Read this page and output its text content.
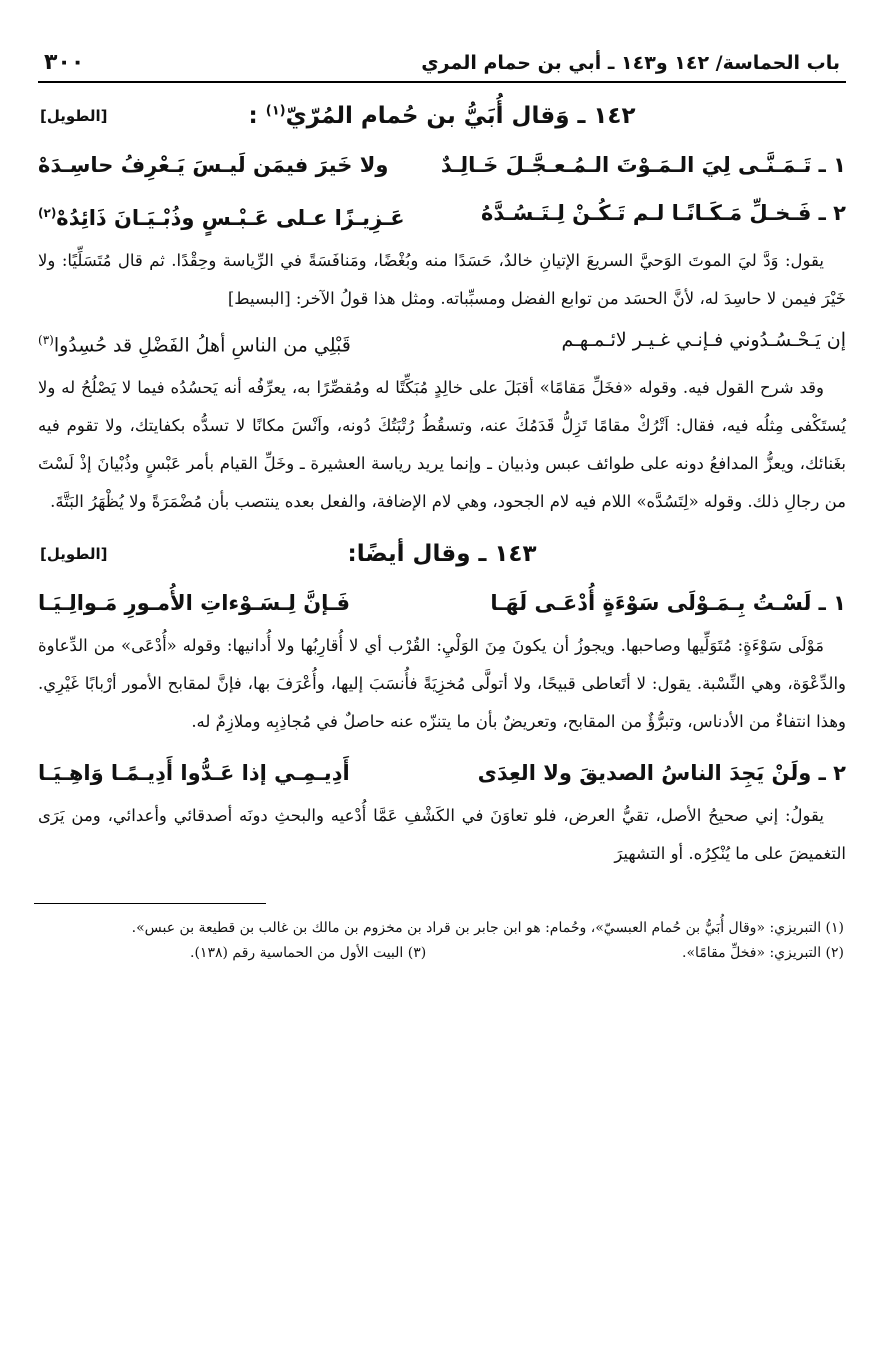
باب الحماسة/ ١٤٢ و١٤٣ ـ أبي بن حمام المري
٣٠٠
١٤٢ ـ وَقال أُبَيُّ بن حُمام المُرّيّ$^{(١)}$ :
[الطويل]
١ ـ تَـمَـنَّـى لِيَ الـمَـوْتَ الـمُـعـجَّـلَ خَـالِـدٌ
ولا خَيرَ فيمَن لَيـسَ يَـعْرِفُ حاسِـدَهْ
٢ ـ فَـخـلِّ مَـكَـانًـا لـم تَـكُـنْ لِـتَـسُـدَّهُ
عَـزِيـزًا عـلى عَـبْـسٍ وذُبْـيَـانَ ذَائِدُهْ$^{(٢)}$

يقول: وَدَّ ليَ الموتَ الوَحيَّ السريعَ الإتيانِ خالدٌ، حَسَدًا منه وبُغْضًا، ومَنافَسَةً في الرِّياسة وحِقْدًا. ثم قال مُتَسَلِّيًا: ولا خَيْرَ فيمن لا حاسِدَ له، لأنَّ الحسَد من توابع الفضل ومسبِّباته. ومثل هذا قولُ الآخر: [البسيط]

إن يَـحْـسُـدُوني فـإنـي غـيـر لائـمـهـم
قَبْلِي من الناسِ أهلُ الفَضْلِ قد حُسِدُوا$^{(٣)}$

وقد شرح القول فيه. وقوله «فخَلِّ مَقامًا» أقبَلَ على خالِدٍ مُبَكِّتًا له ومُقصِّرًا به، يعرِّفُه أنه يَحسُدُه فيما لا يَصْلُحُ له ولا يُستَكْفى مِثلُه فيه، فقال: اَتْرُكْ مقامًا تَزِلُّ قَدَمُكَ عنه، وتسقُطُ رُتْبَتُكَ دُونه، واَنْسَ مكانًا لا تسدُّه بكفايتك، ولا تقوم فيه بغَنائك، ويعزُّ المدافعُ دونه على طوائف عبس وذبيان ـ وإنما يريد رياسة العشيرة ـ وخَلِّ القيام بأمر عَبْسٍ وذُبْيانَ إذْ لَسْتَ من رجالِ ذلك. وقوله «لِتَسُدَّه» اللام فيه لام الجحود، وهي لام الإضافة، والفعل بعده ينتصب بأن مُضْمَرَةً ولا يُظْهَرُ البَتَّةَ.

١٤٣ ـ وقال أيضًا:
[الطويل]
١ ـ لَسْـتُ بِـمَـوْلَى سَوْءَةٍ أُدْعَـى لَهَـا
فَـإنَّ لِـسَـوْءاتِ الأُمـورِ مَـوالِـيَـا

مَوْلَى سَوْءَةٍ: مُتَوَلِّيها وصاحبها. ويجوزُ أن يكونَ مِنَ الوَلْيِ: القُرْب أي لا أُقارِبُها ولا أُدانيها: وقوله «أُدْعَى» من الدِّعاوة والدِّعْوَة، وهي النِّسْبة. يقول: لا أتَعاطى قبيحًا، ولا أتولَّى مُخزِيَةً فأُنسَبَ إليها، وأُعْرَفَ بها، فإنَّ لمقابح الأمور أرْبابًا غَيْرِي. وهذا انتفاءٌ من الأدناس، وتبرُّؤٌ من المقابح، وتعريضٌ بأن ما يتنزّه عنه حاصلٌ في مُجاذِبِه وملازِمٌ له.

٢ ـ ولَنْ يَجِدَ الناسُ الصديقَ ولا العِدَى
أَدِيـمِـي إذا عَـدُّوا أَدِيـمًـا وَاهِـيَـا

يقولُ: إني صحيحُ الأصل، تقيُّ العرض، فلو تعاوَنَ في الكَشْفِ عَمَّا أُدْعيه والبحثِ دونَه أصدقائي وأعدائي، ومن يَرَى التغميضَ على ما يُنْكِرُه. أو التشهيرَ

(١) التبريزي: «وقال أُبَيُّ بن حُمام العبسيّ»، وحُمام: هو ابن جابر بن قراد بن مخزوم بن مالك بن غالب بن قطيعة بن عبس».
(٢) التبريزي: «فخلِّ مقامًا».
(٣) البيت الأول من الحماسية رقم (١٣٨).
